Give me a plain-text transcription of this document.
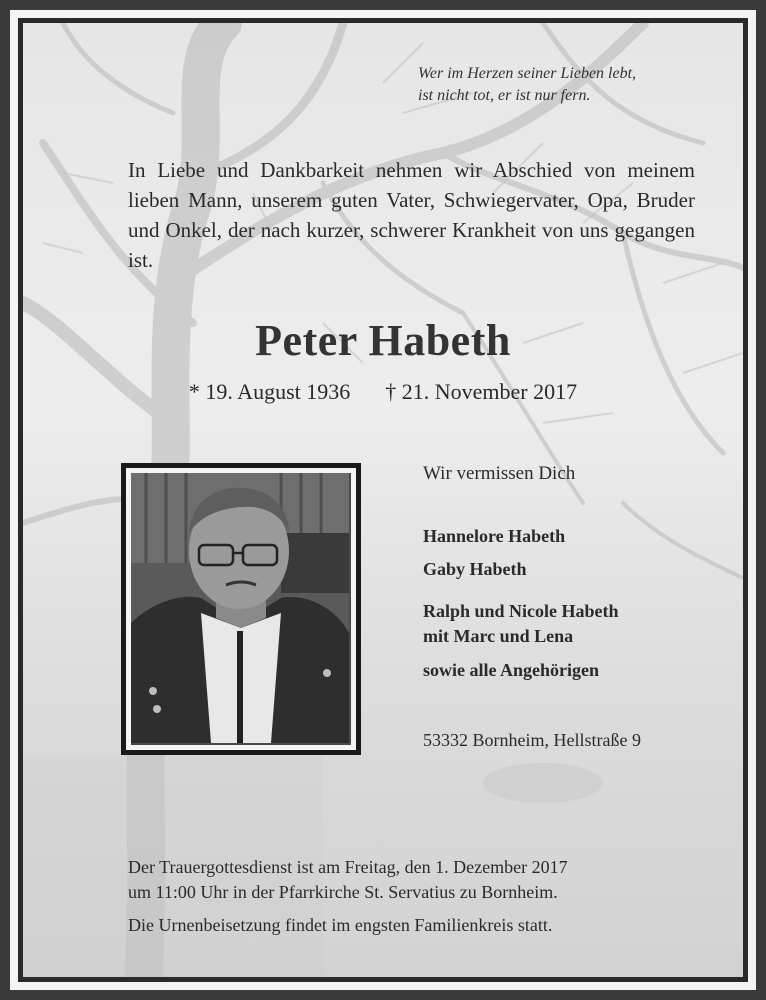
Wer im Herzen seiner Lieben lebt,
ist nicht tot, er ist nur fern.
In Liebe und Dankbarkeit nehmen wir Abschied von meinem lieben Mann, unserem guten Vater, Schwiegervater, Opa, Bruder und Onkel, der nach kurzer, schwerer Krankheit von uns gegangen ist.
Peter Habeth
* 19. August 1936 † 21. November 2017
Wir vermissen Dich
Hannelore Habeth
Gaby Habeth
Ralph und Nicole Habeth
mit Marc und Lena
sowie alle Angehörigen
53332 Bornheim, Hellstraße 9

Der Trauergottesdienst ist am Freitag, den 1. Dezember 2017

um 11:00 Uhr in der Pfarrkirche St. Servatius zu Bornheim.

Die Urnenbeisetzung findet im engsten Familienkreis statt.
